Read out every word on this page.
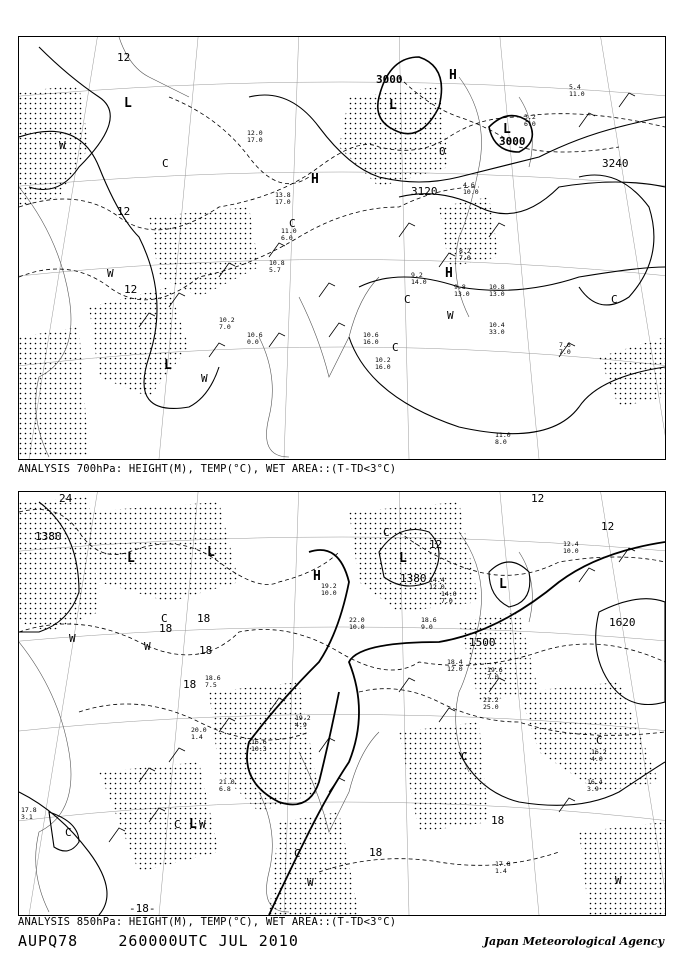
3000
3000
3120
3240
12
12
12
0
L	L
L
L
H
H
H
W
W
W
W
C
C
C
C
C
12.0
17.0
13.8
17.0
11.0
6.0
10.8
5.7
10.6
0.0
9.2
14.0
9.8
13.0
10.8
13.0
10.4
33.0
7.6
7.0
11.0
8.0
10.6
16.0
10.2
16.0
8.2
7.0
4.6
10.0
5.4
11.0
3.2
6.0
10.2
7.0
ANALYSIS 700hPa: HEIGHT(M), TEMP(°C), WET AREA::(T-TD<3°C)
1380
1380
1620
1500
24
18
18
18
18
18
18
12
12
12
-18-
L	L	L
L
H
L
W
W
W
W	W
C
C
C
C
C
C
C
19.2
10.0
22.0
10.0
16.4
3.9
16.2
4.0
17.8
1.4
21.2
25.0
19.6
7.0
18.4
12.0
19.2
4.9
21.0
6.8
16.6
10.3
20.0
1.4
18.6
7.5
14.4
12.0
14.0
7.0
12.4
10.0
18.6
9.0
17.8
3.1
ANALYSIS 850hPa: HEIGHT(M), TEMP(°C), WET AREA::(T-TD<3°C)
AUPQ78	260000UTC JUL 2010	Japan Meteorological Agency
